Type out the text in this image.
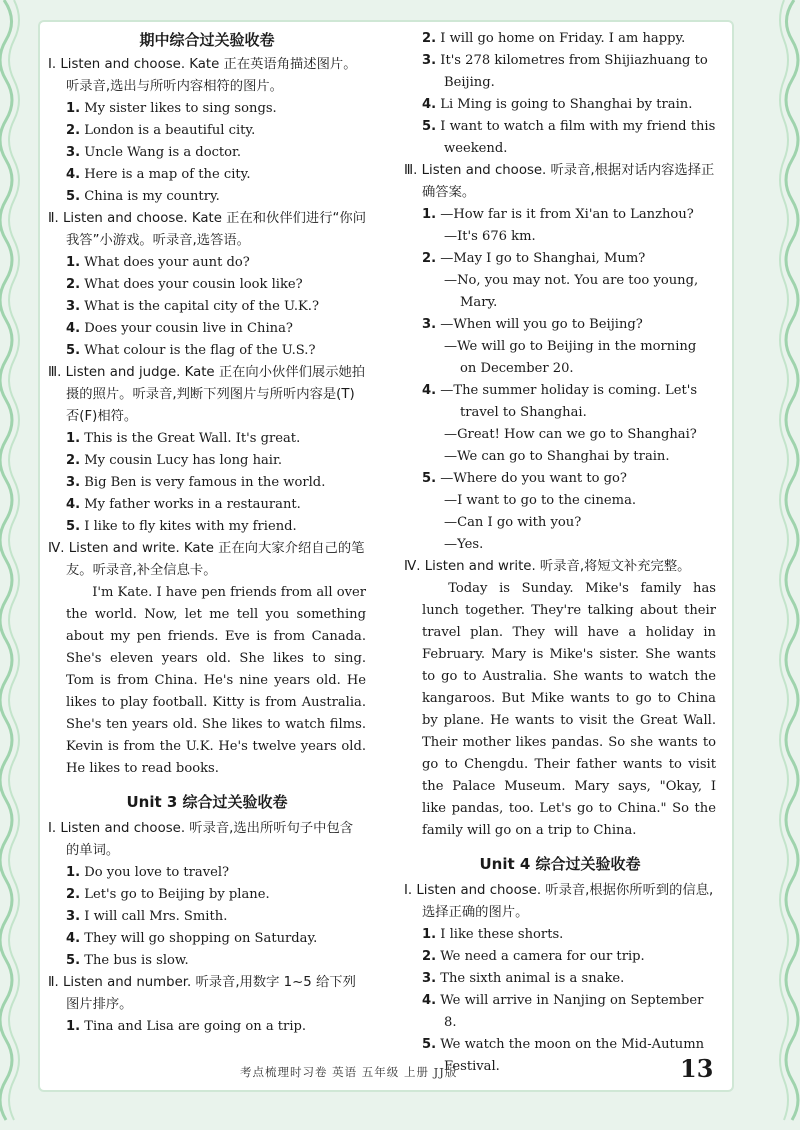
期中综合过关验收卷

Ⅰ. Listen and choose. Kate 正在英语角描述图片。听录音,选出与所听内容相符的图片。

1. My sister likes to sing songs.
2. London is a beautiful city.
3. Uncle Wang is a doctor.
4. Here is a map of the city.
5. China is my country.

Ⅱ. Listen and choose. Kate 正在和伙伴们进行“你问我答”小游戏。听录音,选答语。

1. What does your aunt do?
2. What does your cousin look like?
3. What is the capital city of the U.K.?
4. Does your cousin live in China?
5. What colour is the flag of the U.S.?

Ⅲ. Listen and judge. Kate 正在向小伙伴们展示她拍摄的照片。听录音,判断下列图片与所听内容是(T)否(F)相符。

1. This is the Great Wall. It's great.
2. My cousin Lucy has long hair.
3. Big Ben is very famous in the world.
4. My father works in a restaurant.
5. I like to fly kites with my friend.

Ⅳ. Listen and write. Kate 正在向大家介绍自己的笔友。听录音,补全信息卡。

I'm Kate. I have pen friends from all over the world. Now, let me tell you something about my pen friends. Eve is from Canada. She's eleven years old. She likes to sing. Tom is from China. He's nine years old. He likes to play football. Kitty is from Australia. She's ten years old. She likes to watch films. Kevin is from the U.K. He's twelve years old. He likes to read books.

Unit 3 综合过关验收卷

Ⅰ. Listen and choose. 听录音,选出所听句子中包含的单词。

1. Do you love to travel?
2. Let's go to Beijing by plane.
3. I will call Mrs. Smith.
4. They will go shopping on Saturday.
5. The bus is slow.

Ⅱ. Listen and number. 听录音,用数字 1~5 给下列图片排序。

1. Tina and Lisa are going on a trip.
2. I will go home on Friday. I am happy.
3. It's 278 kilometres from Shijiazhuang to Beijing.
4. Li Ming is going to Shanghai by train.
5. I want to watch a film with my friend this weekend.

Ⅲ. Listen and choose. 听录音,根据对话内容选择正确答案。

1. —How far is it from Xi'an to Lanzhou?
—It's 676 km.
2. —May I go to Shanghai, Mum?
—No, you may not. You are too young, Mary.
3. —When will you go to Beijing?
—We will go to Beijing in the morning on December 20.
4. —The summer holiday is coming. Let's travel to Shanghai.
—Great! How can we go to Shanghai?
—We can go to Shanghai by train.
5. —Where do you want to go?
—I want to go to the cinema.
—Can I go with you?
—Yes.

Ⅳ. Listen and write. 听录音,将短文补充完整。

Today is Sunday. Mike's family has lunch together. They're talking about their travel plan. They will have a holiday in February. Mary is Mike's sister. She wants to go to Australia. She wants to watch the kangaroos. But Mike wants to go to China by plane. He wants to visit the Great Wall. Their mother likes pandas. So she wants to go to Chengdu. Their father wants to visit the Palace Museum. Mary says, "Okay, I like pandas, too. Let's go to China." So the family will go on a trip to China.

Unit 4 综合过关验收卷

Ⅰ. Listen and choose. 听录音,根据你所听到的信息,选择正确的图片。

1. I like these shorts.
2. We need a camera for our trip.
3. The sixth animal is a snake.
4. We will arrive in Nanjing on September 8.
5. We watch the moon on the Mid-Autumn Festival.
考点梳理时习卷 英语 五年级 上册 JJ版	13
